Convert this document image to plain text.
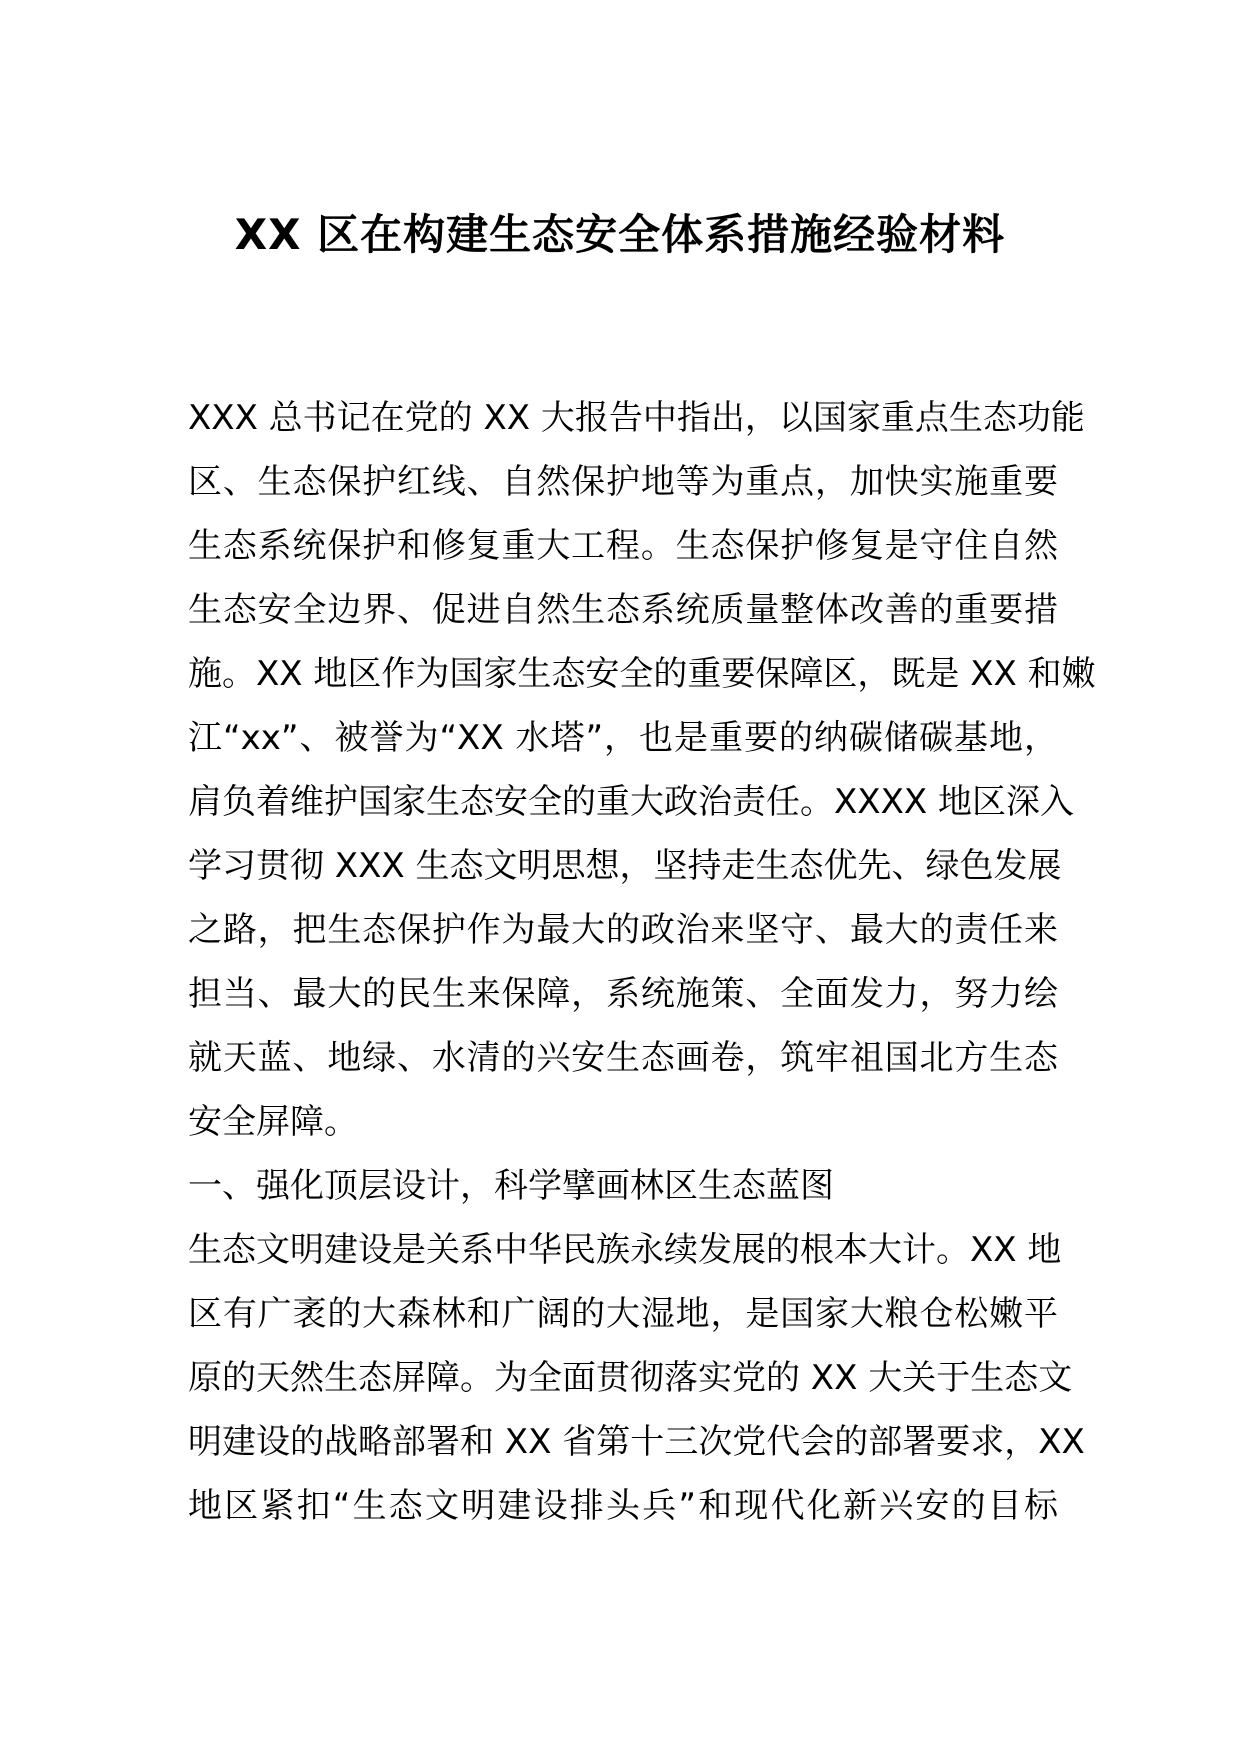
XX 区在构建生态安全体系措施经验材料
XXX 总书记在党的 XX 大报告中指出，以国家重点生态功能
区、生态保护红线、自然保护地等为重点，加快实施重要
生态系统保护和修复重大工程。生态保护修复是守住自然
生态安全边界、促进自然生态系统质量整体改善的重要措
施。XX 地区作为国家生态安全的重要保障区，既是 XX 和嫩
江“xx”、被誉为“XX 水塔”，也是重要的纳碳储碳基地，
肩负着维护国家生态安全的重大政治责任。XXXX 地区深入
学习贯彻 XXX 生态文明思想，坚持走生态优先、绿色发展
之路，把生态保护作为最大的政治来坚守、最大的责任来
担当、最大的民生来保障，系统施策、全面发力，努力绘
就天蓝、地绿、水清的兴安生态画卷，筑牢祖国北方生态
安全屏障。
一、强化顶层设计，科学擘画林区生态蓝图
生态文明建设是关系中华民族永续发展的根本大计。XX 地
区有广袤的大森林和广阔的大湿地，是国家大粮仓松嫩平
原的天然生态屏障。为全面贯彻落实党的 XX 大关于生态文
明建设的战略部署和 XX 省第十三次党代会的部署要求，XX
地区紧扣“生态文明建设排头兵”和现代化新兴安的目标
